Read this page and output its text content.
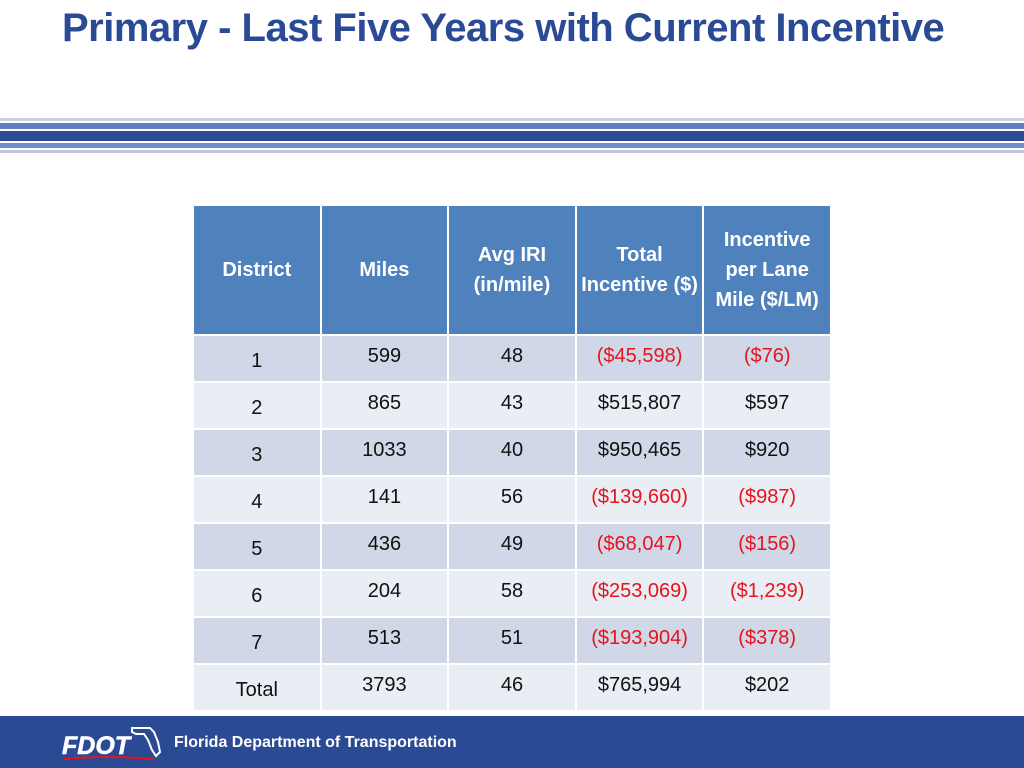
Primary - Last Five Years with Current Incentive
District	Miles	Avg IRI (in/mile)	Total Incentive ($)	Incentive per Lane Mile ($/LM)
1	599	48	($45,598)	($76)
2	865	43	$515,807	$597
3	1033	40	$950,465	$920
4	141	56	($139,660)	($987)
5	436	49	($68,047)	($156)
6	204	58	($253,069)	($1,239)
7	513	51	($193,904)	($378)
Total	3793	46	$765,994	$202
FDOT	Florida Department of Transportation
